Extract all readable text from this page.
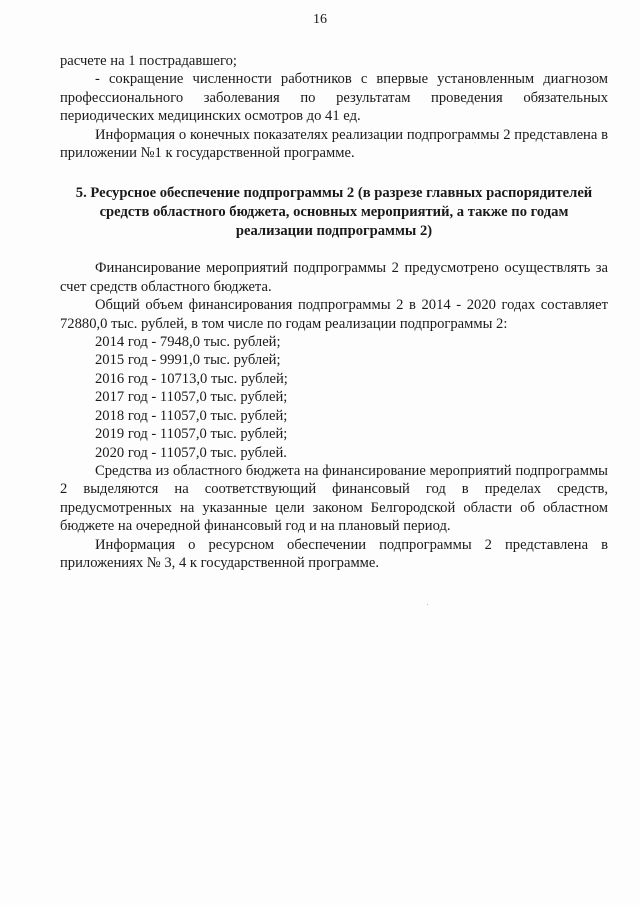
16

расчете на 1 пострадавшего;

- сокращение численности работников с впервые установленным диагнозом профессионального заболевания по результатам проведения обязательных периодических медицинских осмотров до 41 ед.

Информация о конечных показателях реализации подпрограммы 2 представлена в приложении №1 к государственной программе.

5. Ресурсное обеспечение подпрограммы 2 (в разрезе главных распорядителей
средств областного бюджета, основных мероприятий, а также по годам
реализации подпрограммы 2)

Финансирование мероприятий подпрограммы 2 предусмотрено осуществлять за счет средств областного бюджета.

Общий объем финансирования подпрограммы 2 в 2014 - 2020 годах составляет 72880,0 тыс. рублей, в том числе по годам реализации подпрограммы 2:

2014 год - 7948,0 тыс. рублей;
2015 год - 9991,0 тыс. рублей;
2016 год - 10713,0 тыс. рублей;
2017 год - 11057,0 тыс. рублей;
2018 год - 11057,0 тыс. рублей;
2019 год - 11057,0 тыс. рублей;
2020 год - 11057,0 тыс. рублей.

Средства из областного бюджета на финансирование мероприятий подпрограммы 2 выделяются на соответствующий финансовый год в пределах средств, предусмотренных на указанные цели законом Белгородской области об областном бюджете на очередной финансовый год и на плановый период.

Информация о ресурсном обеспечении подпрограммы 2 представлена в приложениях № 3, 4 к государственной программе.
